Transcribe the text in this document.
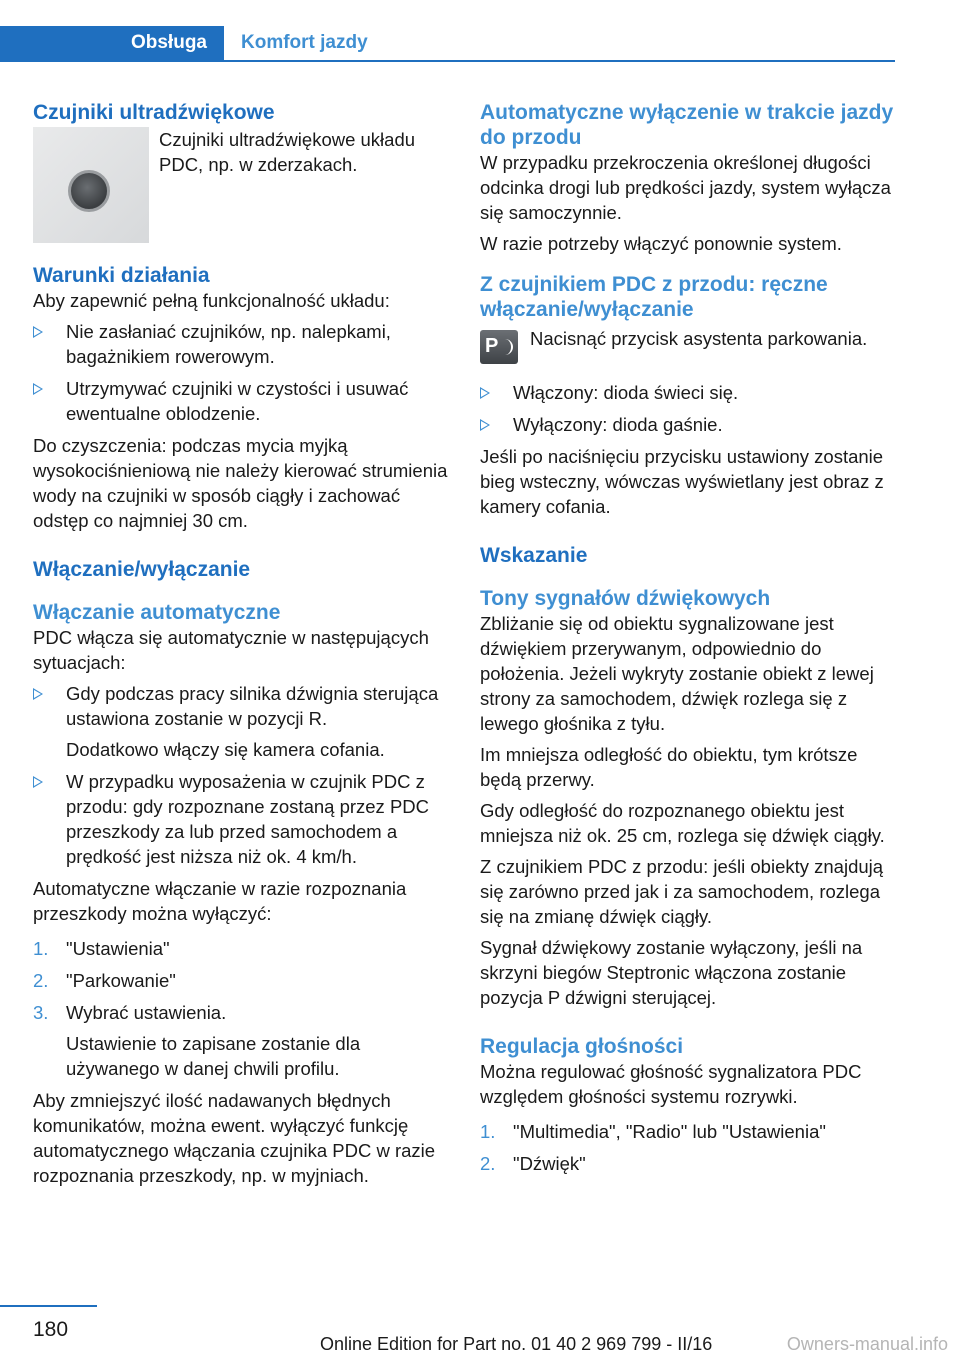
Obsługa Komfort jazdy
Czujniki ultradźwiękowe
Czujniki ultradźwiękowe układu PDC, np. w zderzakach.
Warunki działania

Aby zapewnić pełną funkcjonalność układu:

Nie zasłaniać czujników, np. nalepkami, bagażnikiem rowerowym.
Utrzymywać czujniki w czystości i usuwać ewentualne oblodzenie.

Do czyszczenia: podczas mycia myjką wysokociśnieniową nie należy kierować strumienia wody na czujniki w sposób ciągły i zachować odstęp co najmniej 30 cm.

Włączanie/wyłączanie
Włączanie automatyczne

PDC włącza się automatycznie w następujących sytuacjach:

Gdy podczas pracy silnika dźwignia sterująca ustawiona zostanie w pozycji R.
Dodatkowo włączy się kamera cofania.
W przypadku wyposażenia w czujnik PDC z przodu: gdy rozpoznane zostaną przez PDC przeszkody za lub przed samochodem a prędkość jest niższa niż ok. 4 km/h.

Automatyczne włączanie w razie rozpoznania przeszkody można wyłączyć:

1. "Ustawienia"
2. "Parkowanie"
3. Wybrać ustawienia.
Ustawienie to zapisane zostanie dla używanego w danej chwili profilu.

Aby zmniejszyć ilość nadawanych błędnych komunikatów, można ewent. wyłączyć funkcję automatycznego włączania czujnika PDC w razie rozpoznania przeszkody, np. w myjniach.

Automatyczne wyłączenie w trakcie jazdy do przodu

W przypadku przekroczenia określonej długości odcinka drogi lub prędkości jazdy, system wyłącza się samoczynnie.

W razie potrzeby włączyć ponownie system.

Z czujnikiem PDC z przodu: ręczne włączanie/wyłączanie
P Nacisnąć przycisk asystenta parkowania.
Włączony: dioda świeci się.
Wyłączony: dioda gaśnie.

Jeśli po naciśnięciu przycisku ustawiony zostanie bieg wsteczny, wówczas wyświetlany jest obraz z kamery cofania.

Wskazanie
Tony sygnałów dźwiękowych

Zbliżanie się od obiektu sygnalizowane jest dźwiękiem przerywanym, odpowiednio do położenia. Jeżeli wykryty zostanie obiekt z lewej strony za samochodem, dźwięk rozlega się z lewego głośnika z tyłu.

Im mniejsza odległość do obiektu, tym krótsze będą przerwy.

Gdy odległość do rozpoznanego obiektu jest mniejsza niż ok. 25 cm, rozlega się dźwięk ciągły.

Z czujnikiem PDC z przodu: jeśli obiekty znajdują się zarówno przed jak i za samochodem, rozlega się na zmianę dźwięk ciągły.

Sygnał dźwiękowy zostanie wyłączony, jeśli na skrzyni biegów Steptronic włączona zostanie pozycja P dźwigni sterującej.

Regulacja głośności

Można regulować głośność sygnalizatora PDC względem głośności systemu rozrywki.

1. "Multimedia", "Radio" lub "Ustawienia"
2. "Dźwięk"
180
Online Edition for Part no. 01 40 2 969 799 - II/16	Owners-manual.info
